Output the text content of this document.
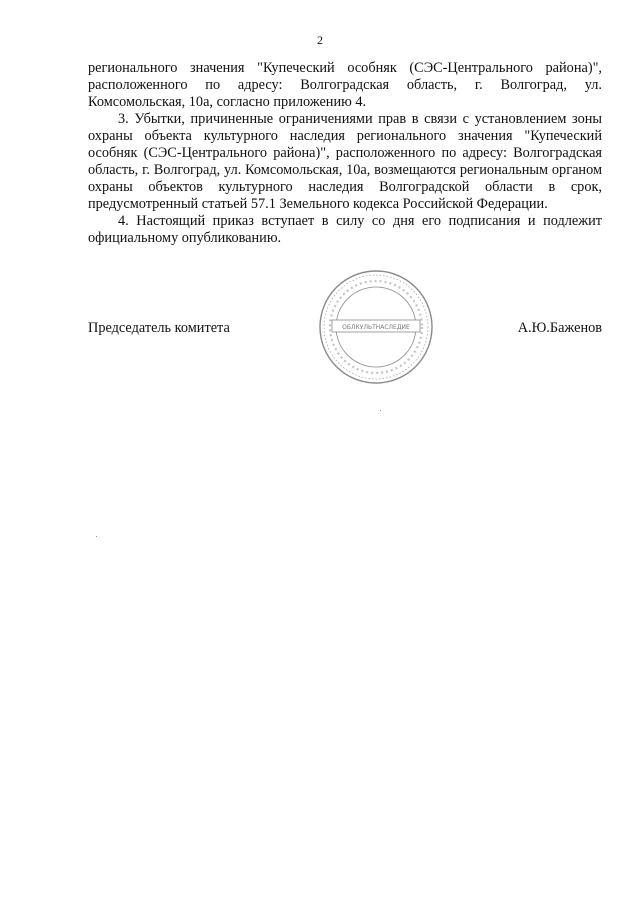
2

регионального значения "Купеческий особняк (СЭС-Центрального района)", расположенного по адресу: Волгоградская область, г. Волгоград, ул. Комсомольская, 10а, согласно приложению 4.

3. Убытки, причиненные ограничениями прав в связи с установлением зоны охраны объекта культурного наследия регионального значения "Купеческий особняк (СЭС-Центрального района)", расположенного по адресу: Волгоградская область, г. Волгоград, ул. Комсомольская, 10а, возмещаются региональным органом охраны объектов культурного наследия Волгоградской области в срок, предусмотренный статьей 57.1 Земельного кодекса Российской Федерации.

4. Настоящий приказ вступает в силу со дня его подписания и подлежит официальному опубликованию.

ОБЛКУЛЬТНАСЛЕДИЕ
Председатель комитета	А.Ю.Баженов
